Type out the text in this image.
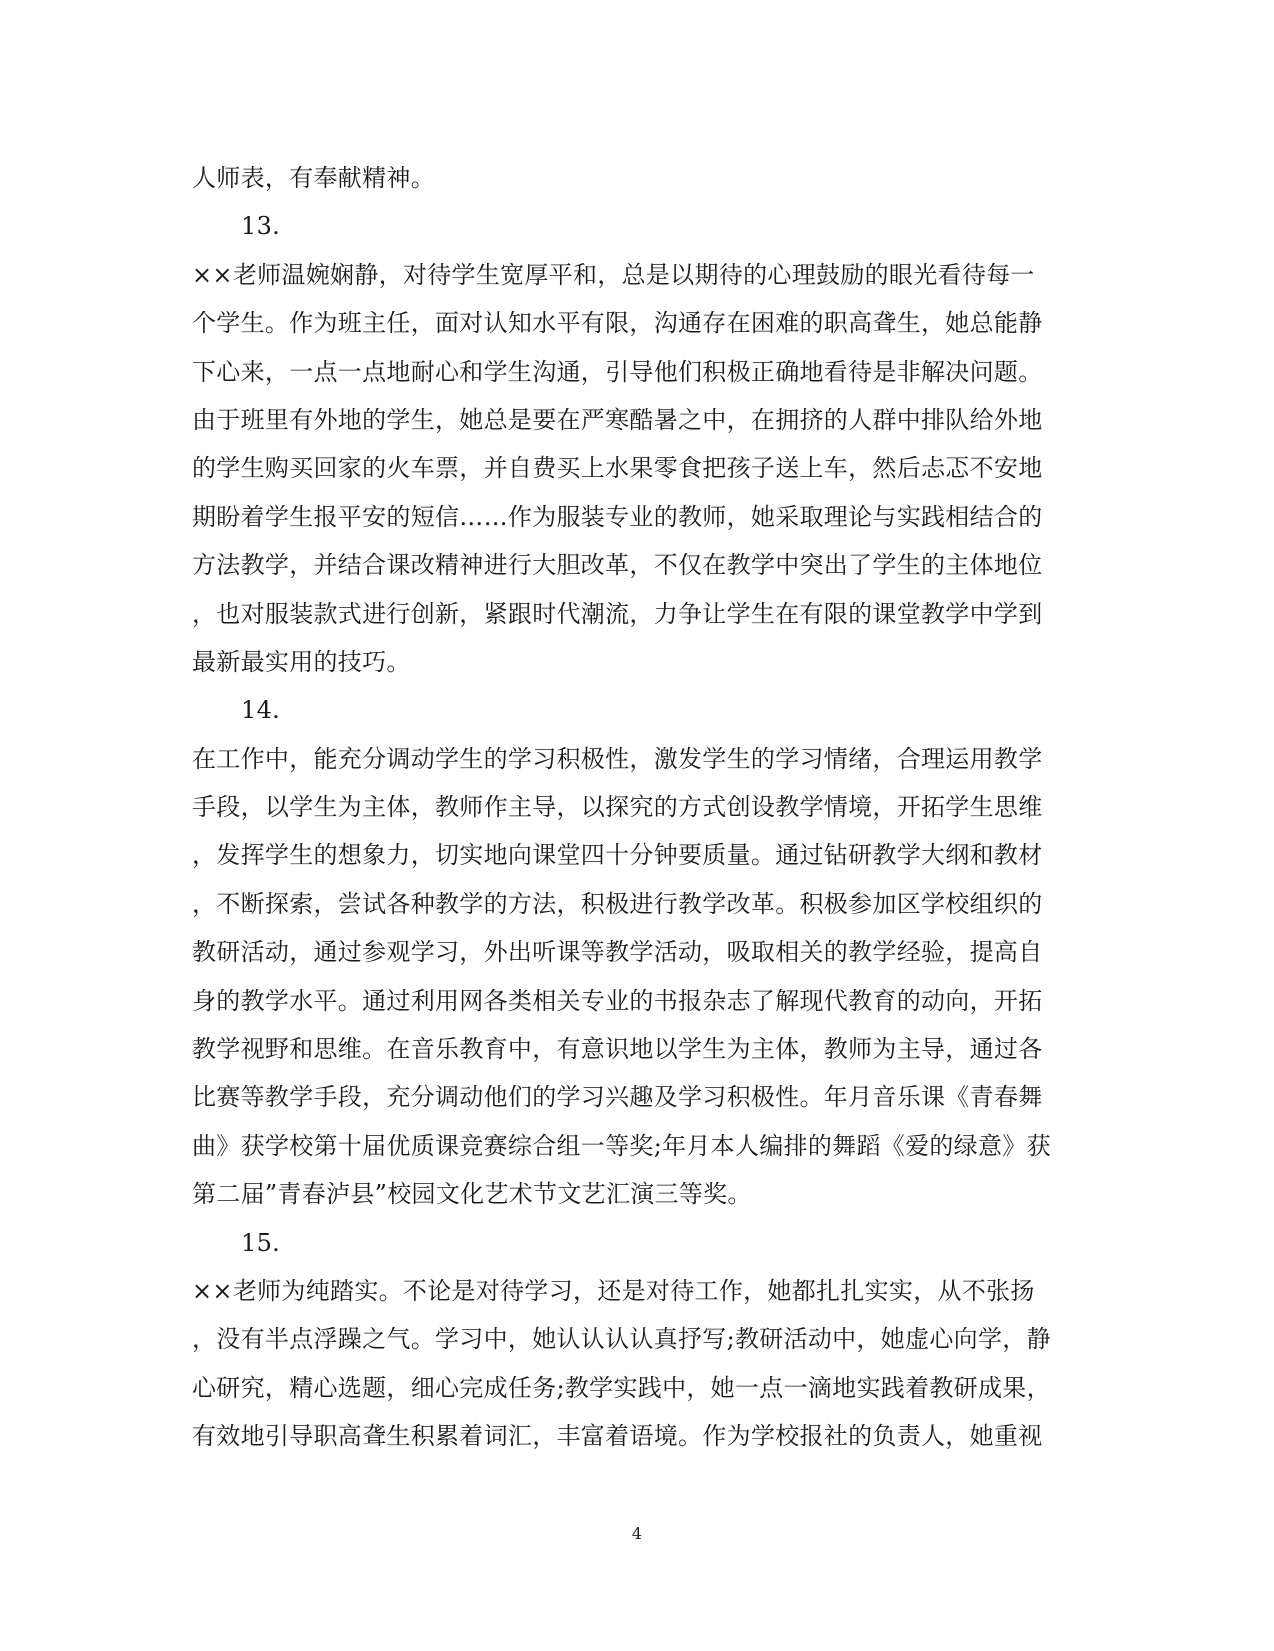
人师表，有奉献精神。
13.
××老师温婉娴静，对待学生宽厚平和，总是以期待的心理鼓励的眼光看待每一
个学生。作为班主任，面对认知水平有限，沟通存在困难的职高聋生，她总能静
下心来，一点一点地耐心和学生沟通，引导他们积极正确地看待是非解决问题。
由于班里有外地的学生，她总是要在严寒酷暑之中，在拥挤的人群中排队给外地
的学生购买回家的火车票，并自费买上水果零食把孩子送上车，然后忐忑不安地
期盼着学生报平安的短信……作为服装专业的教师，她采取理论与实践相结合的
方法教学，并结合课改精神进行大胆改革，不仅在教学中突出了学生的主体地位
，也对服装款式进行创新，紧跟时代潮流，力争让学生在有限的课堂教学中学到
最新最实用的技巧。
14.
在工作中，能充分调动学生的学习积极性，激发学生的学习情绪，合理运用教学
手段，以学生为主体，教师作主导，以探究的方式创设教学情境，开拓学生思维
，发挥学生的想象力，切实地向课堂四十分钟要质量。通过钻研教学大纲和教材
，不断探索，尝试各种教学的方法，积极进行教学改革。积极参加区学校组织的
教研活动，通过参观学习，外出听课等教学活动，吸取相关的教学经验，提高自
身的教学水平。通过利用网各类相关专业的书报杂志了解现代教育的动向，开拓
教学视野和思维。在音乐教育中，有意识地以学生为主体，教师为主导，通过各
比赛等教学手段，充分调动他们的学习兴趣及学习积极性。年月音乐课《青春舞
曲》获学校第十届优质课竞赛综合组一等奖;年月本人编排的舞蹈《爱的绿意》获
第二届”青春泸县”校园文化艺术节文艺汇演三等奖。
15.
××老师为纯踏实。不论是对待学习，还是对待工作，她都扎扎实实，从不张扬
，没有半点浮躁之气。学习中，她认认认认真抒写;教研活动中，她虚心向学，静
心研究，精心选题，细心完成任务;教学实践中，她一点一滴地实践着教研成果，
有效地引导职高聋生积累着词汇，丰富着语境。作为学校报社的负责人，她重视
4
